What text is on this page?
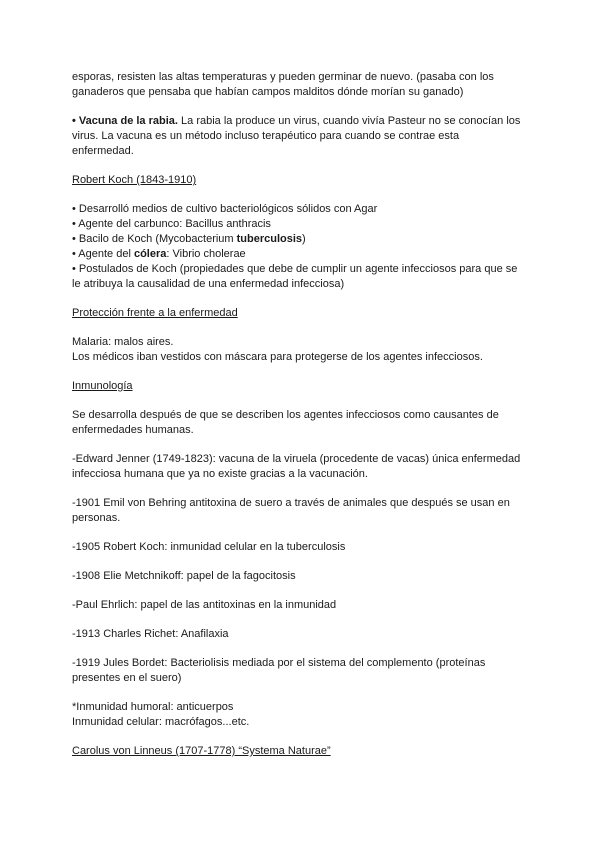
esporas, resisten las altas temperaturas y pueden germinar de nuevo. (pasaba con los

ganaderos que pensaba que habían campos malditos dónde morían su ganado)

• Vacuna de la rabia. La rabia la produce un virus, cuando vivía Pasteur no se conocían los

virus. La vacuna es un método incluso terapéutico para cuando se contrae esta

enfermedad.

Robert Koch (1843-1910)

• Desarrolló medios de cultivo bacteriológicos sólidos con Agar

• Agente del carbunco: Bacillus anthracis

• Bacilo de Koch (Mycobacterium tuberculosis)

• Agente del cólera: Vibrio cholerae

• Postulados de Koch (propiedades que debe de cumplir un agente infecciosos para que se

le atribuya la causalidad de una enfermedad infecciosa)

Protección frente a la enfermedad

Malaria: malos aires.

Los médicos iban vestidos con máscara para protegerse de los agentes infecciosos.

Inmunología

Se desarrolla después de que se describen los agentes infecciosos como causantes de

enfermedades humanas.

-Edward Jenner (1749-1823): vacuna de la viruela (procedente de vacas) única enfermedad

infecciosa humana que ya no existe gracias a la vacunación.

-1901 Emil von Behring antitoxina de suero a través de animales que después se usan en

personas.

-1905 Robert Koch: inmunidad celular en la tuberculosis

-1908 Elie Metchnikoff: papel de la fagocitosis

-Paul Ehrlich: papel de las antitoxinas en la inmunidad

-1913 Charles Richet: Anafilaxia

-1919 Jules Bordet: Bacteriolisis mediada por el sistema del complemento (proteínas

presentes en el suero)

*Inmunidad humoral: anticuerpos

Inmunidad celular: macrófagos...etc.

Carolus von Linneus (1707-1778) “Systema Naturae”
